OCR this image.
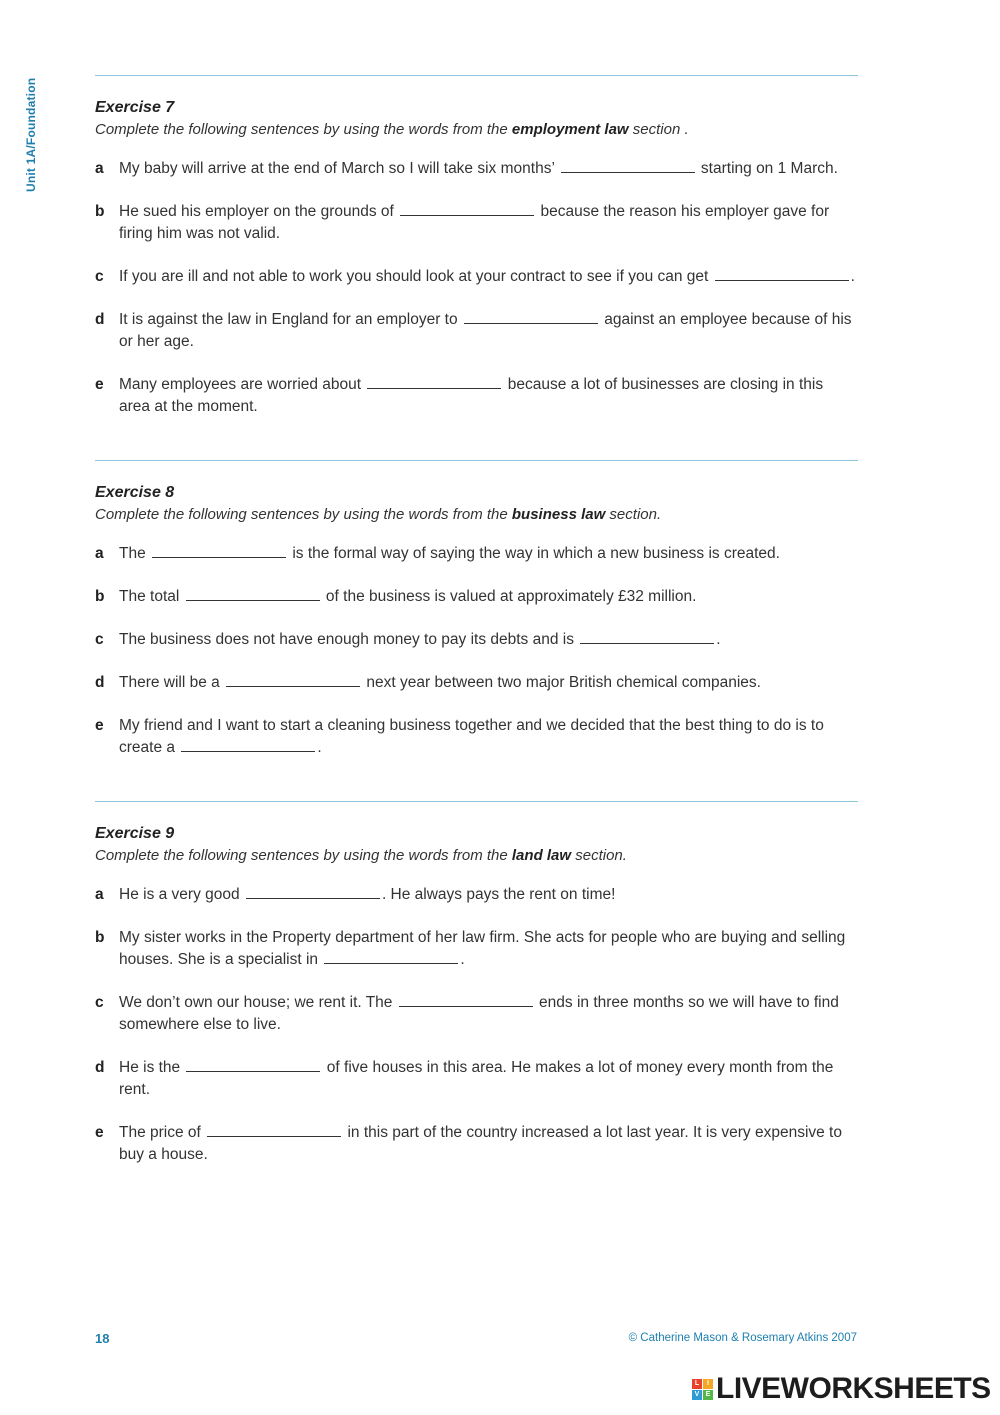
Unit 1A/Foundation	Exercise 7
Complete the following sentences by using the words from the employment law section .
a My baby will arrive at the end of March so I will take six months’	starting on 1 March.
b He sued his employer on the grounds of	because the reason his employer gave for firing him was not valid.
c If you are ill and not able to work you should look at your contract to see if you can get	.
d It is against the law in England for an employer to	against an employee because of his or her age.
e Many employees are worried about	because a lot of businesses are closing in this area at the moment.
Exercise 8
Complete the following sentences by using the words from the business law section.
a The	is the formal way of saying the way in which a new business is created.
b The total	of the business is valued at approximately £32 million.
c The business does not have enough money to pay its debts and is	.
d There will be a	next year between two major British chemical companies.
e My friend and I want to start a cleaning business together and we decided that the best thing to do is to create a	.
Exercise 9
Complete the following sentences by using the words from the land law section.
a He is a very good	. He always pays the rent on time!
b My sister works in the Property department of her law firm. She acts for people who are buying and selling houses. She is a specialist in	.
c We don’t own our house; we rent it. The	ends in three months so we will have to find somewhere else to live.
d He is the	of five houses in this area. He makes a lot of money every month from the rent.
e The price of	in this part of the country increased a lot last year. It is very expensive to buy a house.
18	© Catherine Mason & Rosemary Atkins 2007
L	I
V E LIVEWORKSHEETS
